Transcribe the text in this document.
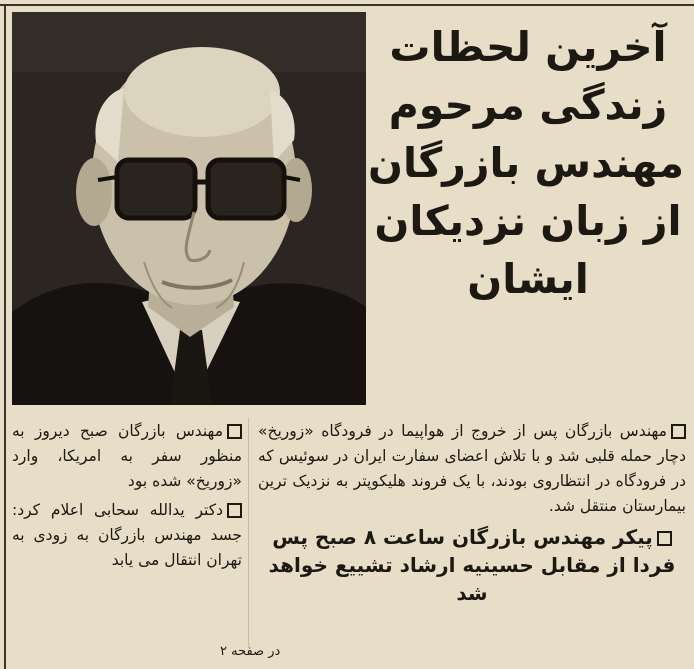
آخرین لحظات
زندگی مرحوم
مهندس بازرگان
از زبان نزدیکان
ایشان

مهندس بازرگان پس از خروج از هواپیما در فرودگاه «زوریخ» دچار حمله قلبی شد و با تلاش اعضای سفارت ایران در سوئیس که در فرودگاه در انتظاروی بودند، با یک فروند هلیکوپتر به نزدیک ترین بیمارستان منتقل شد.

پیکر مهندس بازرگان ساعت ۸ صبح پس فردا از مقابل حسینیه ارشاد تشییع خواهد شد

مهندس بازرگان صبح دیروز به منظور سفر به امریکا، وارد «زوریخ» شده بود

دکتر یدالله سحابی اعلام کرد: جسد مهندس بازرگان به زودی به تهران انتقال می یابد

در صفحه ۲
